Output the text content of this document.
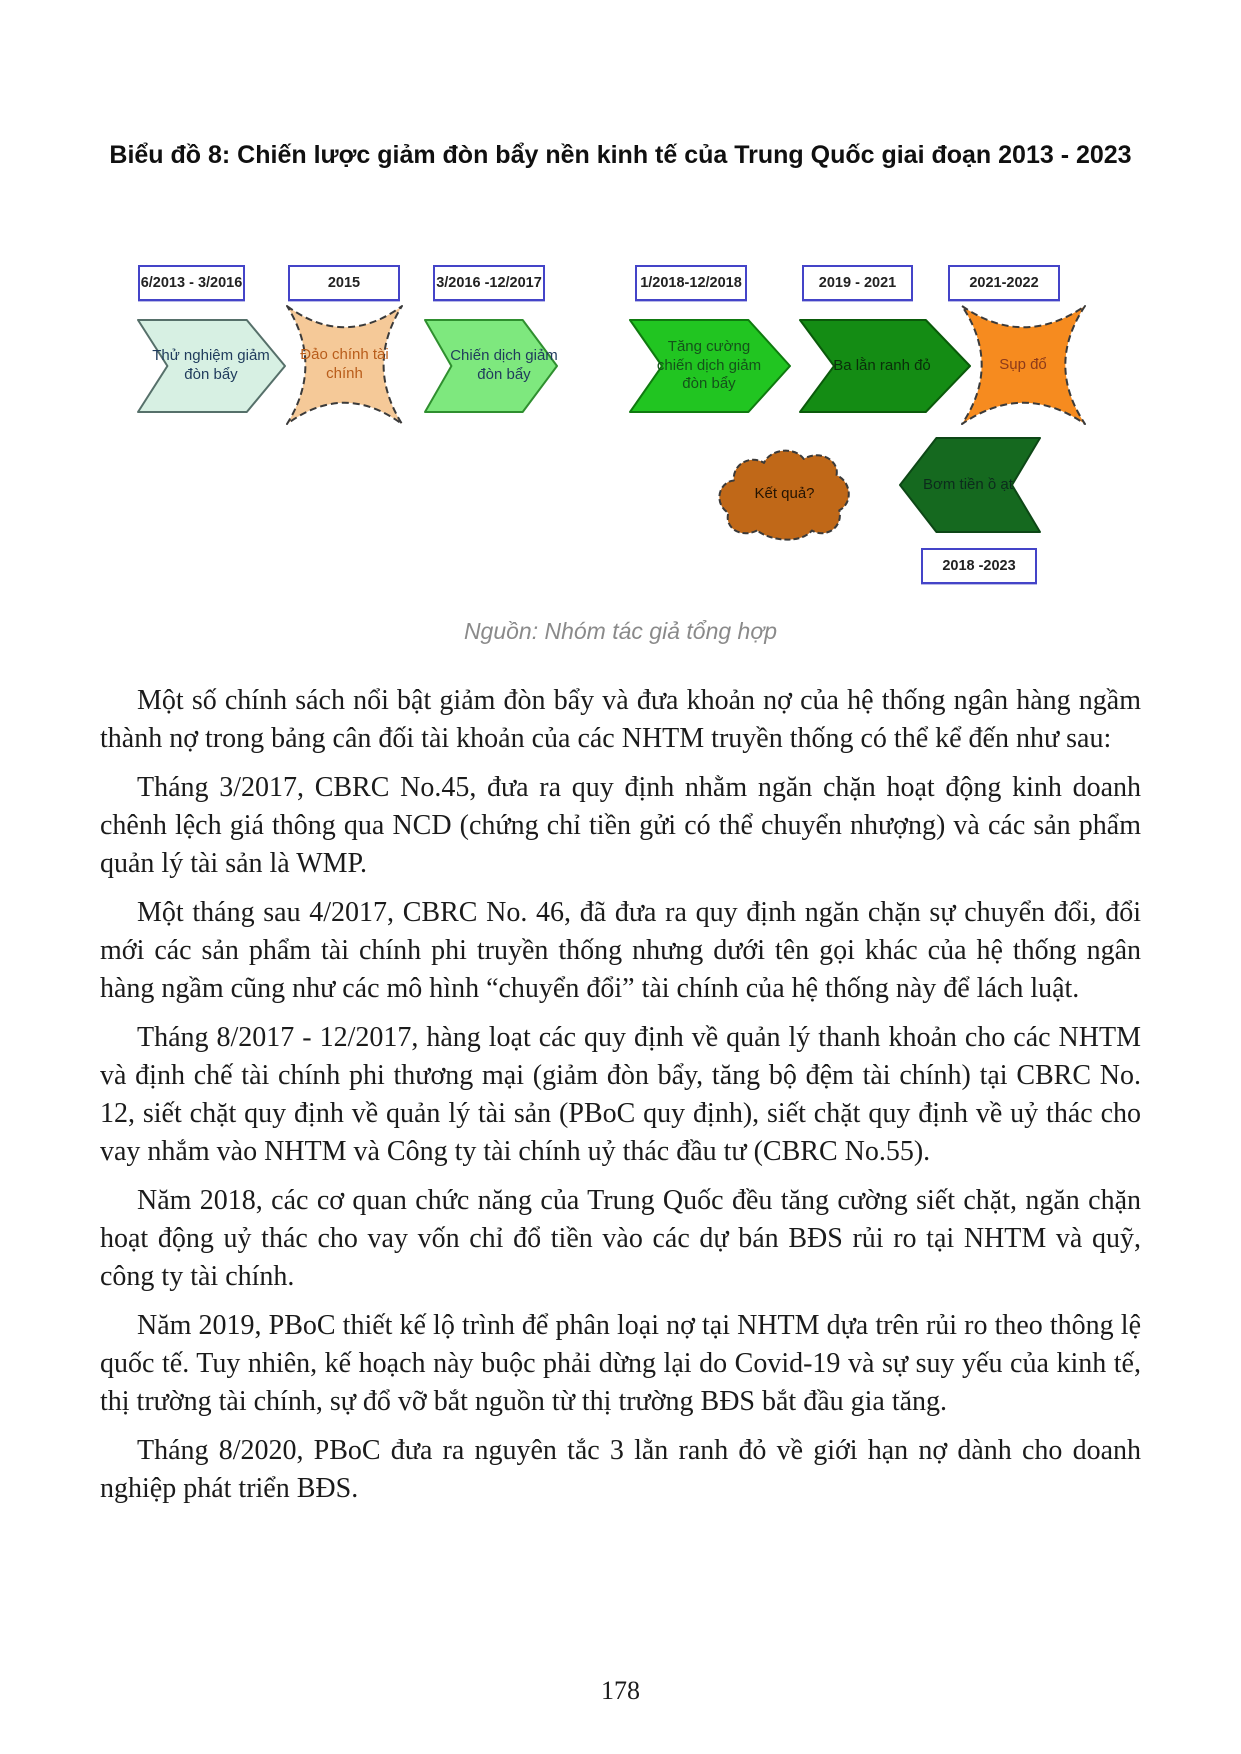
Biểu đồ 8: Chiến lược giảm đòn bẩy nền kinh tế của Trung Quốc giai đoạn 2013 - 2023
6/2013 - 3/2016	2015	3/2016 -12/2017	1/2018-12/2018	2019 - 2021	2021-2022
2018 -2023
Thử nghiệm giảm đòn bẩy
Đảo chính tài chính
Chiến dịch giảm đòn bẩy
Tăng cường chiến dịch giảm đòn bẩy
Ba lằn ranh đỏ	Sụp đổ
Kết quả?
Bơm tiền ồ ạt
Nguồn: Nhóm tác giả tổng hợp

Một số chính sách nổi bật giảm đòn bẩy và đưa khoản nợ của hệ thống ngân hàng ngầm thành nợ trong bảng cân đối tài khoản của các NHTM truyền thống có thể kể đến như sau:

Tháng 3/2017, CBRC No.45, đưa ra quy định nhằm ngăn chặn hoạt động kinh doanh chênh lệch giá thông qua NCD (chứng chỉ tiền gửi có thể chuyển nhượng) và các sản phẩm quản lý tài sản là WMP.

Một tháng sau 4/2017, CBRC No. 46, đã đưa ra quy định ngăn chặn sự chuyển đổi, đổi mới các sản phẩm tài chính phi truyền thống nhưng dưới tên gọi khác của hệ thống ngân hàng ngầm cũng như các mô hình “chuyển đổi” tài chính của hệ thống này để lách luật.

Tháng 8/2017 - 12/2017, hàng loạt các quy định về quản lý thanh khoản cho các NHTM và định chế tài chính phi thương mại (giảm đòn bẩy, tăng bộ đệm tài chính) tại CBRC No. 12, siết chặt quy định về quản lý tài sản (PBoC quy định), siết chặt quy định về uỷ thác cho vay nhắm vào NHTM và Công ty tài chính uỷ thác đầu tư (CBRC No.55).

Năm 2018, các cơ quan chức năng của Trung Quốc đều tăng cường siết chặt, ngăn chặn hoạt động uỷ thác cho vay vốn chỉ đổ tiền vào các dự bán BĐS rủi ro tại NHTM và quỹ, công ty tài chính.

Năm 2019, PBoC thiết kế lộ trình để phân loại nợ tại NHTM dựa trên rủi ro theo thông lệ quốc tế. Tuy nhiên, kế hoạch này buộc phải dừng lại do Covid-19 và sự suy yếu của kinh tế, thị trường tài chính, sự đổ vỡ bắt nguồn từ thị trường BĐS bắt đầu gia tăng.

Tháng 8/2020, PBoC đưa ra nguyên tắc 3 lằn ranh đỏ về giới hạn nợ dành cho doanh nghiệp phát triển BĐS.

178
